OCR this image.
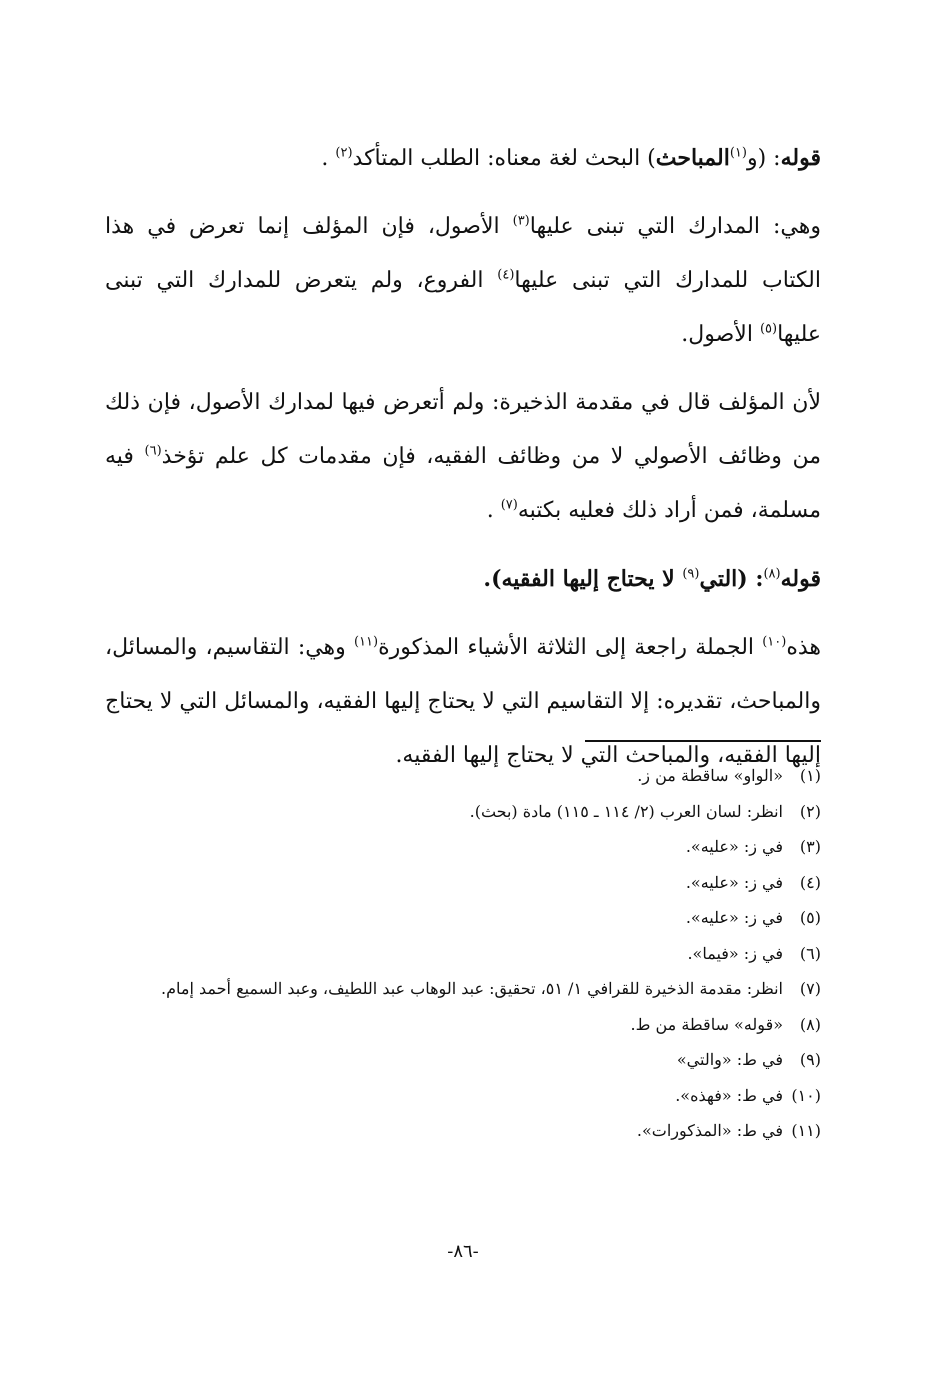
قوله: (و$^{(١)}$المباحث) البحث لغة معناه: الطلب المتأكد$^{(٢)}$ .

وهي: المدارك التي تبنى عليها$^{(٣)}$ الأصول، فإن المؤلف إنما تعرض في هذا الكتاب للمدارك التي تبنى عليها$^{(٤)}$ الفروع، ولم يتعرض للمدارك التي تبنى عليها$^{(٥)}$ الأصول.

لأن المؤلف قال في مقدمة الذخيرة: ولم أتعرض فيها لمدارك الأصول، فإن ذلك من وظائف الأصولي لا من وظائف الفقيه، فإن مقدمات كل علم تؤخذ$^{(٦)}$ فيه مسلمة، فمن أراد ذلك فعليه بكتبه$^{(٧)}$ .

قوله$^{(٨)}$: (التي$^{(٩)}$ لا يحتاج إليها الفقيه).

هذه$^{(١٠)}$ الجملة راجعة إلى الثلاثة الأشياء المذكورة$^{(١١)}$ وهي: التقاسيم، والمسائل، والمباحث، تقديره: إلا التقاسيم التي لا يحتاج إليها الفقيه، والمسائل التي لا يحتاج إليها الفقيه، والمباحث التي لا يحتاج إليها الفقيه.

(١)
«الواو» ساقطة من ز.
(٢)
انظر: لسان العرب (٢/ ١١٤ ـ ١١٥) مادة (بحث).
(٣)
في ز: «عليه».
(٤)
في ز: «عليه».
(٥)
في ز: «عليه».
(٦)
في ز: «فيما».
(٧)
انظر: مقدمة الذخيرة للقرافي ١/ ٥١، تحقيق: عبد الوهاب عبد اللطيف، وعبد السميع أحمد إمام.
(٨)
«قوله» ساقطة من ط.
(٩)
في ط: «والتي»
(١٠)
في ط: «فهذه».
(١١)
في ط: «المذكورات».
-٨٦-
